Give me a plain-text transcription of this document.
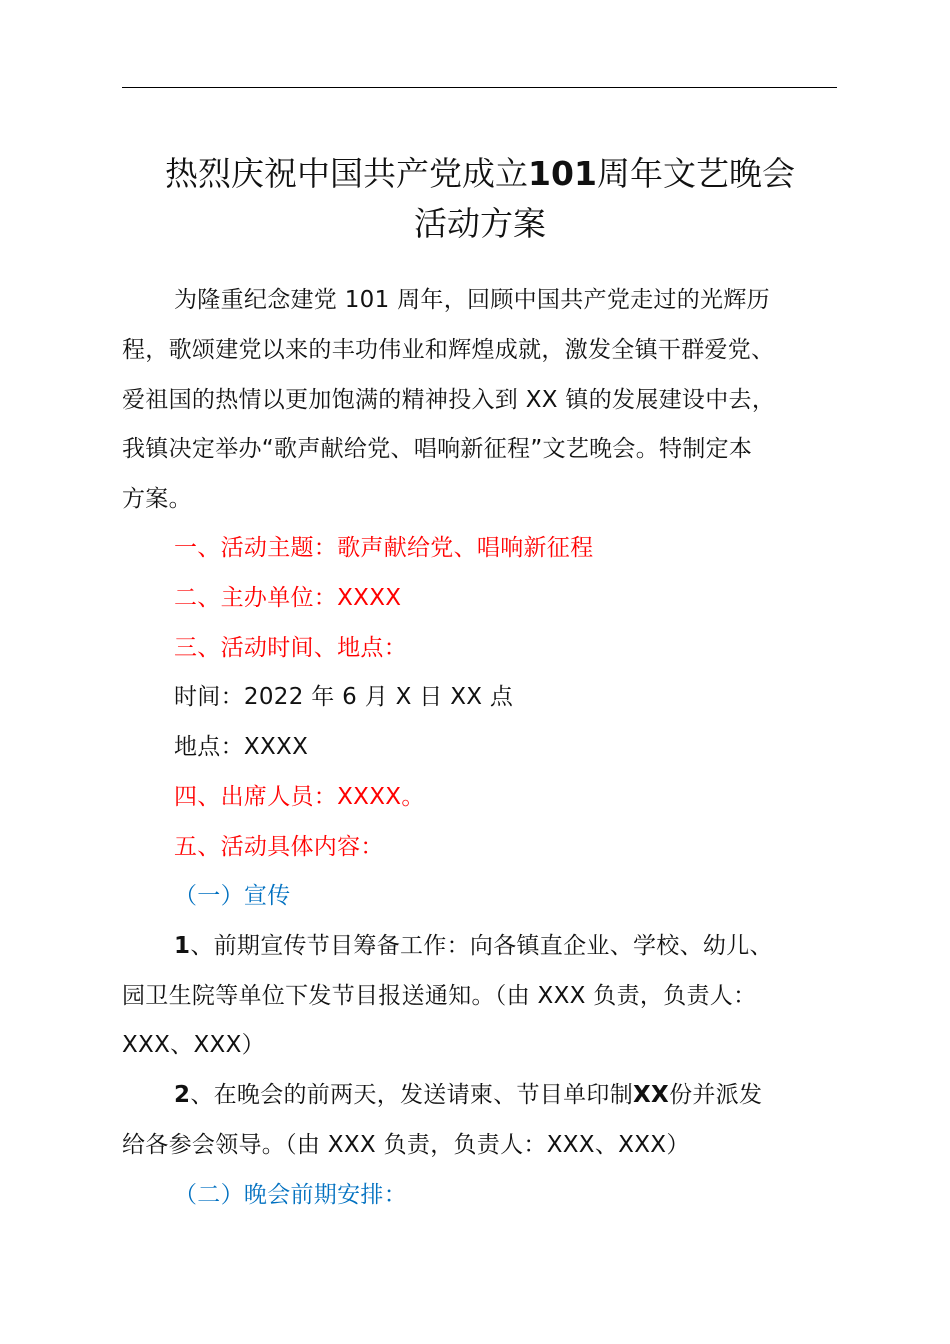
热烈庆祝中国共产党成立101周年文艺晚会
活动方案
为隆重纪念建党 101 周年，回顾中国共产党走过的光辉历
程，歌颂建党以来的丰功伟业和辉煌成就，激发全镇干群爱党、
爱祖国的热情以更加饱满的精神投入到 XX 镇的发展建设中去，
我镇决定举办“歌声献给党、唱响新征程”文艺晚会。特制定本
方案。
一、活动主题：歌声献给党、唱响新征程
二、主办单位：XXXX
三、活动时间、地点：
时间：2022 年 6 月 X 日 XX 点
地点：XXXX
四、出席人员：XXXX。
五、活动具体内容：
（一）宣传
1、前期宣传节目筹备工作：向各镇直企业、学校、幼儿、
园卫生院等单位下发节目报送通知。（由 XXX 负责，负责人：
XXX、XXX）
2、在晚会的前两天，发送请柬、节目单印制XX份并派发
给各参会领导。（由 XXX 负责，负责人：XXX、XXX）
（二）晚会前期安排：
